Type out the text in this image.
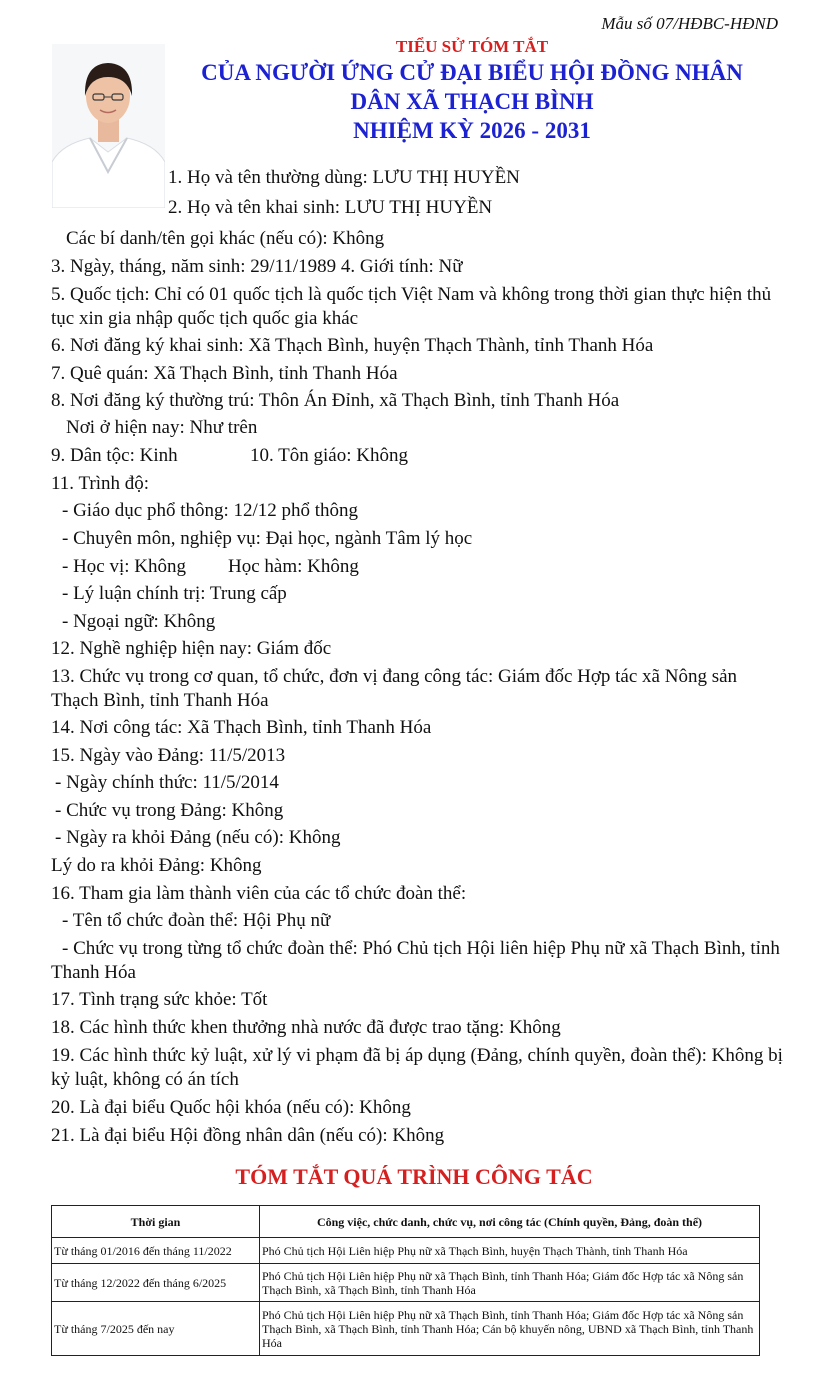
Mẫu số 07/HĐBC-HĐND
TIỂU SỬ TÓM TẮT
CỦA NGƯỜI ỨNG CỬ ĐẠI BIỂU HỘI ĐỒNG NHÂN
DÂN XÃ THẠCH BÌNH
NHIỆM KỲ 2026 - 2031
1. Họ và tên thường dùng: LƯU THỊ HUYỀN
2. Họ và tên khai sinh: LƯU THỊ HUYỀN
Các bí danh/tên gọi khác (nếu có): Không
3. Ngày, tháng, năm sinh: 29/11/1989 4. Giới tính: Nữ
5. Quốc tịch: Chỉ có 01 quốc tịch là quốc tịch Việt Nam và không trong thời gian thực hiện thủ tục xin gia nhập quốc tịch quốc gia khác
6. Nơi đăng ký khai sinh: Xã Thạch Bình, huyện Thạch Thành, tỉnh Thanh Hóa
7. Quê quán: Xã Thạch Bình, tỉnh Thanh Hóa
8. Nơi đăng ký thường trú: Thôn Án Đỉnh, xã Thạch Bình, tỉnh Thanh Hóa
Nơi ở hiện nay: Như trên
9. Dân tộc: Kinh	10. Tôn giáo: Không
11. Trình độ:
- Giáo dục phổ thông: 12/12 phổ thông
- Chuyên môn, nghiệp vụ: Đại học, ngành Tâm lý học
- Học vị: Không Học hàm: Không
- Lý luận chính trị: Trung cấp
- Ngoại ngữ: Không
12. Nghề nghiệp hiện nay: Giám đốc
13. Chức vụ trong cơ quan, tổ chức, đơn vị đang công tác: Giám đốc Hợp tác xã Nông sản Thạch Bình, tỉnh Thanh Hóa
14. Nơi công tác: Xã Thạch Bình, tỉnh Thanh Hóa
15. Ngày vào Đảng: 11/5/2013
- Ngày chính thức: 11/5/2014
- Chức vụ trong Đảng: Không
- Ngày ra khỏi Đảng (nếu có): Không
Lý do ra khỏi Đảng: Không
16. Tham gia làm thành viên của các tổ chức đoàn thể:
- Tên tổ chức đoàn thể: Hội Phụ nữ
- Chức vụ trong từng tổ chức đoàn thể: Phó Chủ tịch Hội liên hiệp Phụ nữ xã Thạch Bình, tỉnh Thanh Hóa
17. Tình trạng sức khỏe: Tốt
18. Các hình thức khen thưởng nhà nước đã được trao tặng: Không
19. Các hình thức kỷ luật, xử lý vi phạm đã bị áp dụng (Đảng, chính quyền, đoàn thể): Không bị kỷ luật, không có án tích
20. Là đại biểu Quốc hội khóa (nếu có): Không
21. Là đại biểu Hội đồng nhân dân (nếu có): Không
TÓM TẮT QUÁ TRÌNH CÔNG TÁC
Thời gian	Công việc, chức danh, chức vụ, nơi công tác (Chính quyền, Đảng, đoàn thể)
Từ tháng 01/2016 đến tháng 11/2022	Phó Chủ tịch Hội Liên hiệp Phụ nữ xã Thạch Bình, huyện Thạch Thành, tỉnh Thanh Hóa
Từ tháng 12/2022 đến tháng 6/2025	Phó Chủ tịch Hội Liên hiệp Phụ nữ xã Thạch Bình, tỉnh Thanh Hóa; Giám đốc Hợp tác xã Nông sản Thạch Bình, xã Thạch Bình, tỉnh Thanh Hóa
Từ tháng 7/2025 đến nay	Phó Chủ tịch Hội Liên hiệp Phụ nữ xã Thạch Bình, tỉnh Thanh Hóa; Giám đốc Hợp tác xã Nông sản Thạch Bình, xã Thạch Bình, tỉnh Thanh Hóa; Cán bộ khuyến nông, UBND xã Thạch Bình, tỉnh Thanh Hóa
